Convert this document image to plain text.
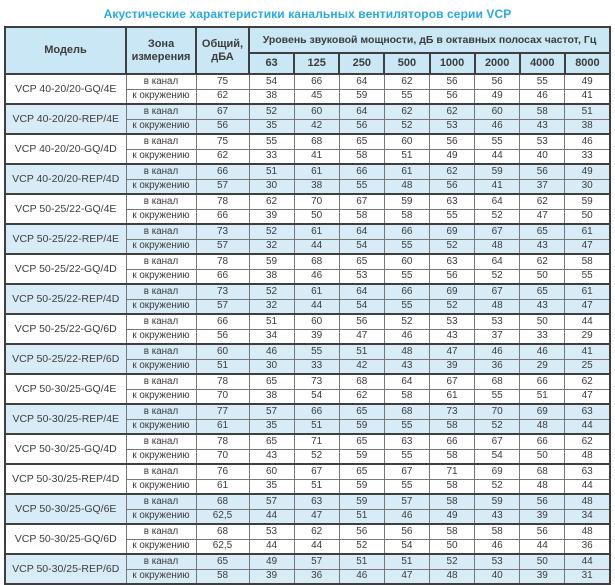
Акустические характеристики канальных вентиляторов серии VCP
Модель	Зона измерения	Общий, дБА	Уровень звуковой мощности, дБ в октавных полосах частот, Гц							
			63	125	250	500	1000	2000	4000	8000
VCP 40-20/20-GQ/4E	в канал	75	54	66	64	62	56	56	55	49
	к окружению	62	38	45	59	55	56	49	46	41
VCP 40-20/20-REP/4E	в канал	67	52	60	64	62	62	60	58	51
	к окружению	56	35	42	56	52	53	46	43	38
VCP 40-20/20-GQ/4D	в канал	75	55	68	65	60	56	55	53	46
	к окружению	62	33	41	58	51	49	44	40	33
VCP 40-20/20-REP/4D	в канал	66	51	61	66	61	62	59	56	49
	к окружению	57	30	38	55	48	56	41	37	30
VCP 50-25/22-GQ/4E	в канал	78	62	70	67	59	63	64	62	59
	к окружению	66	39	50	58	58	55	52	47	50
VCP 50-25/22-REP/4E	в канал	73	52	61	64	66	69	67	65	61
	к окружению	57	32	44	54	55	52	48	43	47
VCP 50-25/22-GQ/4D	в канал	78	59	68	65	60	63	64	62	58
	к окружению	66	38	46	53	55	56	52	50	55
VCP 50-25/22-REP/4D	в канал	73	52	61	64	66	69	67	65	61
	к окружению	57	32	44	54	55	52	48	43	47
VCP 50-25/22-GQ/6D	в канал	66	51	60	56	52	53	53	50	44
	к окружению	56	34	39	47	46	43	37	33	29
VCP 50-25/22-REP/6D	в канал	60	46	55	51	48	47	46	46	41
	к окружению	51	30	33	42	43	39	36	29	25
VCP 50-30/25-GQ/4E	в канал	78	65	73	68	64	67	68	66	62
	к окружению	70	38	54	62	58	61	55	51	47
VCP 50-30/25-REP/4E	в канал	77	57	66	65	68	73	70	69	63
	к окружению	61	35	51	59	55	58	52	48	44
VCP 50-30/25-GQ/4D	в канал	78	65	71	65	63	66	67	66	62
	к окружению	70	43	52	59	55	58	54	50	48
VCP 50-30/25-REP/4D	в канал	76	60	67	65	67	71	69	68	63
	к окружению	61	35	51	59	55	58	52	48	44
VCP 50-30/25-GQ/6E	в канал	68	57	63	59	57	58	59	56	48
	к окружению	62,5	44	47	51	46	49	43	39	34
VCP 50-30/25-GQ/6D	в канал	68	53	62	56	56	58	58	56	48
	к окружению	62,5	44	44	52	54	50	46	44	36
VCP 50-30/25-REP/6D	в канал	65	49	57	51	51	52	53	50	44
	к окружению	58	39	36	46	47	48	40	39	31
